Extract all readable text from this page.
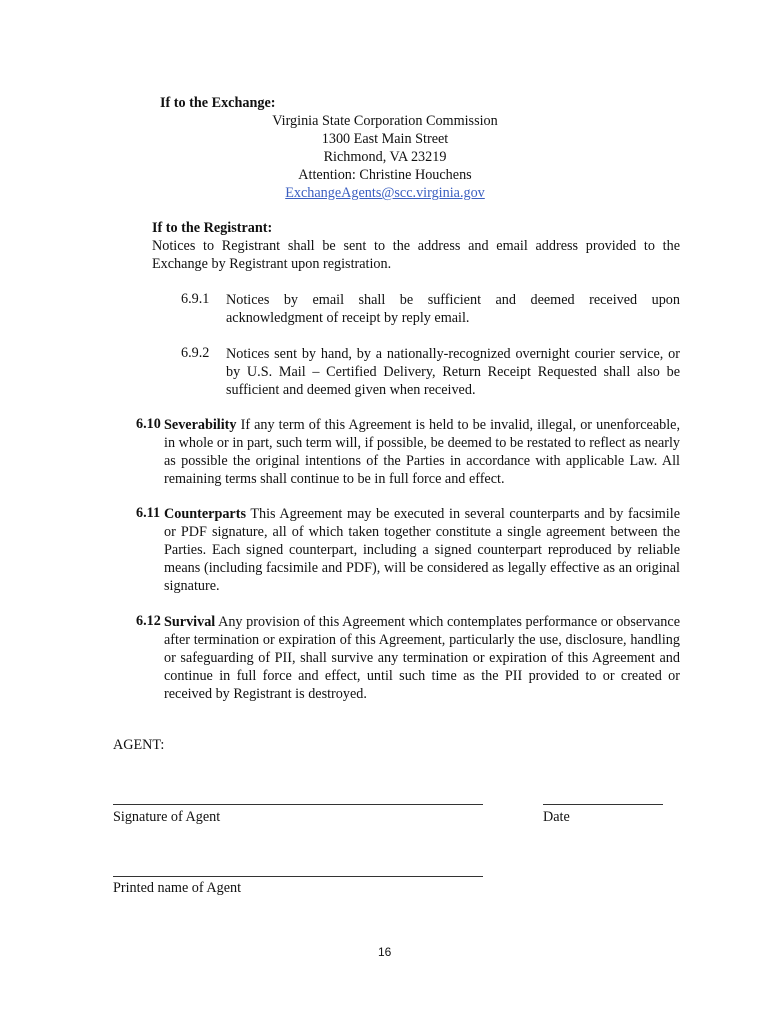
If to the Exchange:
Virginia State Corporation Commission
1300 East Main Street
Richmond, VA 23219
Attention: Christine Houchens
ExchangeAgents@scc.virginia.gov
If to the Registrant:
Notices to Registrant shall be sent to the address and email address provided to the Exchange by Registrant upon registration.
6.9.1 Notices by email shall be sufficient and deemed received upon acknowledgment of receipt by reply email.
6.9.2 Notices sent by hand, by a nationally-recognized overnight courier service, or by U.S. Mail – Certified Delivery, Return Receipt Requested shall also be sufficient and deemed given when received.
6.10 Severability If any term of this Agreement is held to be invalid, illegal, or unenforceable, in whole or in part, such term will, if possible, be deemed to be restated to reflect as nearly as possible the original intentions of the Parties in accordance with applicable Law. All remaining terms shall continue to be in full force and effect.
6.11 Counterparts This Agreement may be executed in several counterparts and by facsimile or PDF signature, all of which taken together constitute a single agreement between the Parties. Each signed counterpart, including a signed counterpart reproduced by reliable means (including facsimile and PDF), will be considered as legally effective as an original signature.
6.12 Survival Any provision of this Agreement which contemplates performance or observance after termination or expiration of this Agreement, particularly the use, disclosure, handling or safeguarding of PII, shall survive any termination or expiration of this Agreement and continue in full force and effect, until such time as the PII provided to or created or received by Registrant is destroyed.
AGENT:
Signature of Agent	Date
Printed name of Agent
16
